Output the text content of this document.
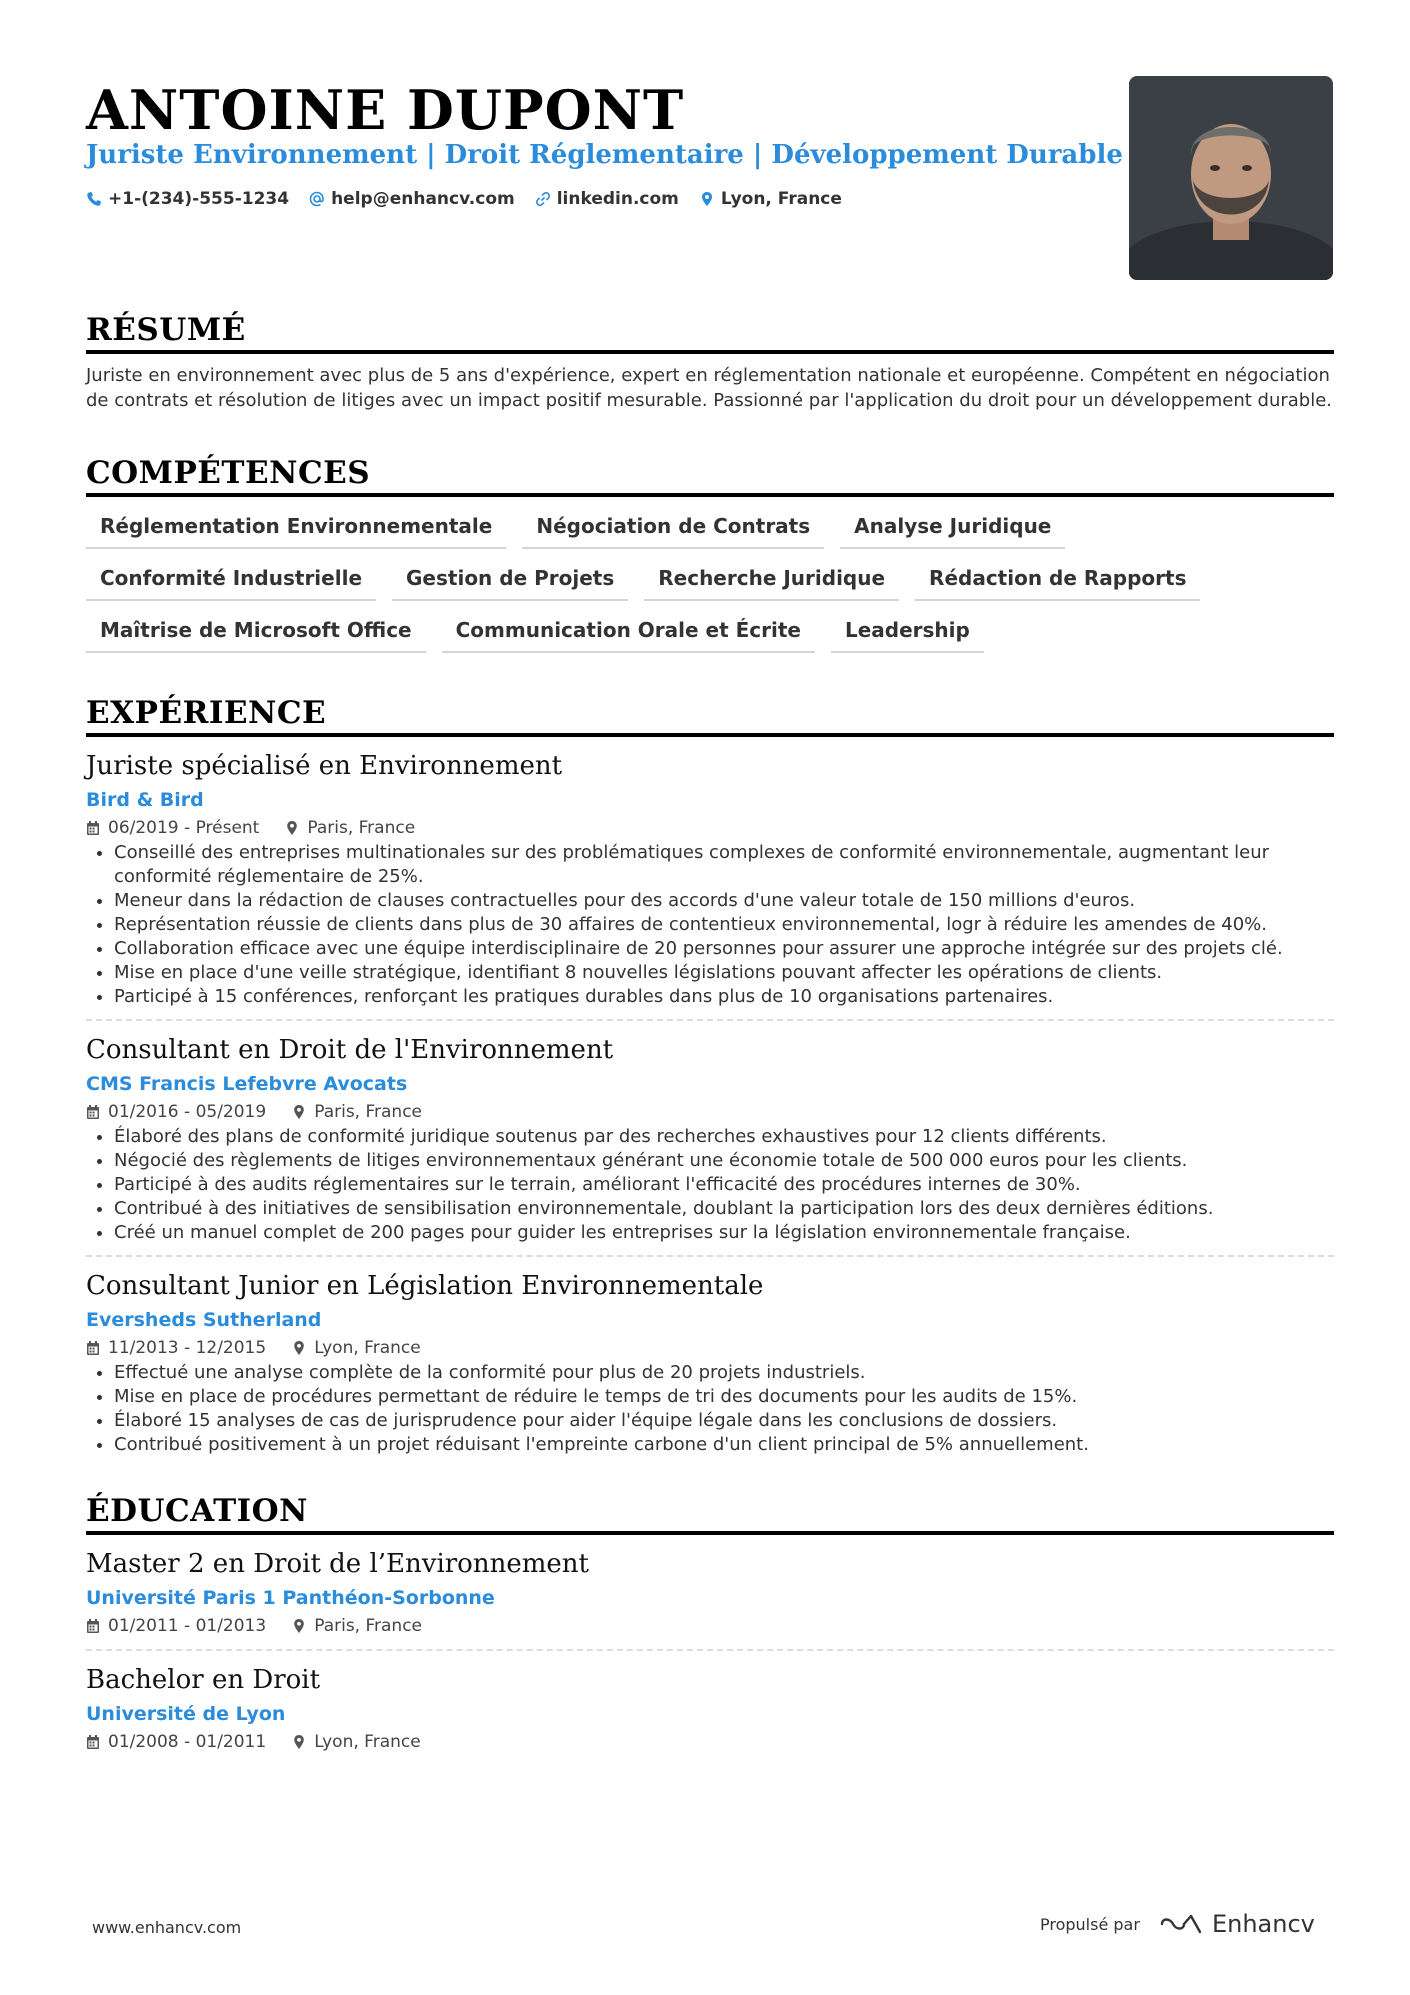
ANTOINE DUPONT
Juriste Environnement | Droit Réglementaire | Développement Durable
+1-(234)-555-1234 help@enhancv.com linkedin.com Lyon, France
RÉSUMÉ
Juriste en environnement avec plus de 5 ans d'expérience, expert en réglementation nationale et européenne. Compétent en négociation de contrats et résolution de litiges avec un impact positif mesurable. Passionné par l'application du droit pour un développement durable.
COMPÉTENCES
Réglementation Environnementale	Négociation de Contrats	Analyse Juridique
Conformité Industrielle	Gestion de Projets	Recherche Juridique	Rédaction de Rapports
Maîtrise de Microsoft Office	Communication Orale et Écrite	Leadership
EXPÉRIENCE
Juriste spécialisé en Environnement
Bird & Bird
06/2019 - Présent	Paris, France
• Conseillé des entreprises multinationales sur des problématiques complexes de conformité environnementale, augmentant leur conformité réglementaire de 25%.
• Meneur dans la rédaction de clauses contractuelles pour des accords d'une valeur totale de 150 millions d'euros.
• Représentation réussie de clients dans plus de 30 affaires de contentieux environnemental, logr à réduire les amendes de 40%.
• Collaboration efficace avec une équipe interdisciplinaire de 20 personnes pour assurer une approche intégrée sur des projets clé.
• Mise en place d'une veille stratégique, identifiant 8 nouvelles législations pouvant affecter les opérations de clients.
• Participé à 15 conférences, renforçant les pratiques durables dans plus de 10 organisations partenaires.
Consultant en Droit de l'Environnement
CMS Francis Lefebvre Avocats
01/2016 - 05/2019	Paris, France
• Élaboré des plans de conformité juridique soutenus par des recherches exhaustives pour 12 clients différents.
• Négocié des règlements de litiges environnementaux générant une économie totale de 500 000 euros pour les clients.
• Participé à des audits réglementaires sur le terrain, améliorant l'efficacité des procédures internes de 30%.
• Contribué à des initiatives de sensibilisation environnementale, doublant la participation lors des deux dernières éditions.
• Créé un manuel complet de 200 pages pour guider les entreprises sur la législation environnementale française.
Consultant Junior en Législation Environnementale
Eversheds Sutherland
11/2013 - 12/2015	Lyon, France
• Effectué une analyse complète de la conformité pour plus de 20 projets industriels.
• Mise en place de procédures permettant de réduire le temps de tri des documents pour les audits de 15%.
• Élaboré 15 analyses de cas de jurisprudence pour aider l'équipe légale dans les conclusions de dossiers.
• Contribué positivement à un projet réduisant l'empreinte carbone d'un client principal de 5% annuellement.
ÉDUCATION
Master 2 en Droit de l’Environnement
Université Paris 1 Panthéon-Sorbonne
01/2011 - 01/2013	Paris, France
Bachelor en Droit
Université de Lyon
01/2008 - 01/2011	Lyon, France
www.enhancv.com	Propulsé par	Enhancv
